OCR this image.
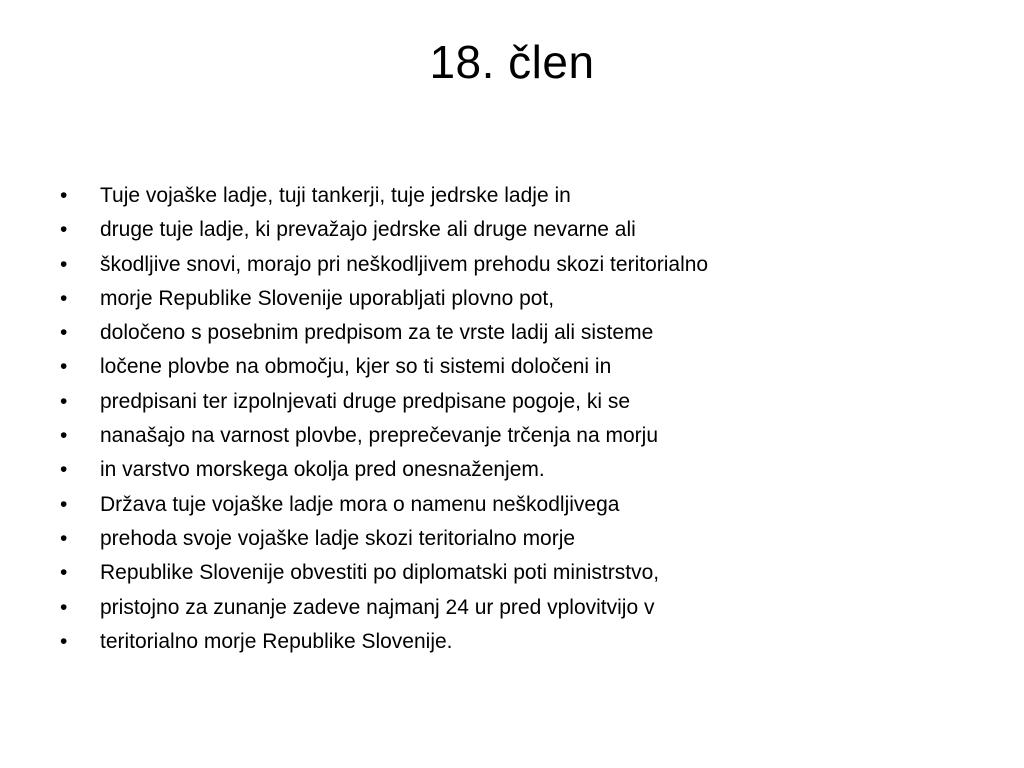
18. člen
•	Tuje vojaške ladje, tuji tankerji, tuje jedrske ladje in
•	druge tuje ladje, ki prevažajo jedrske ali druge nevarne ali
•	škodljive snovi, morajo pri neškodljivem prehodu skozi teritorialno
•	morje Republike Slovenije uporabljati plovno pot,
•	določeno s posebnim predpisom za te vrste ladij ali sisteme
•	ločene plovbe na območju, kjer so ti sistemi določeni in
•	predpisani ter izpolnjevati druge predpisane pogoje, ki se
•	nanašajo na varnost plovbe, preprečevanje trčenja na morju
•	in varstvo morskega okolja pred onesnaženjem.
•	Država tuje vojaške ladje mora o namenu neškodljivega
•	prehoda svoje vojaške ladje skozi teritorialno morje
•	Republike Slovenije obvestiti po diplomatski poti ministrstvo,
•	pristojno za zunanje zadeve najmanj 24 ur pred vplovitvijo v
•	teritorialno morje Republike Slovenije.
